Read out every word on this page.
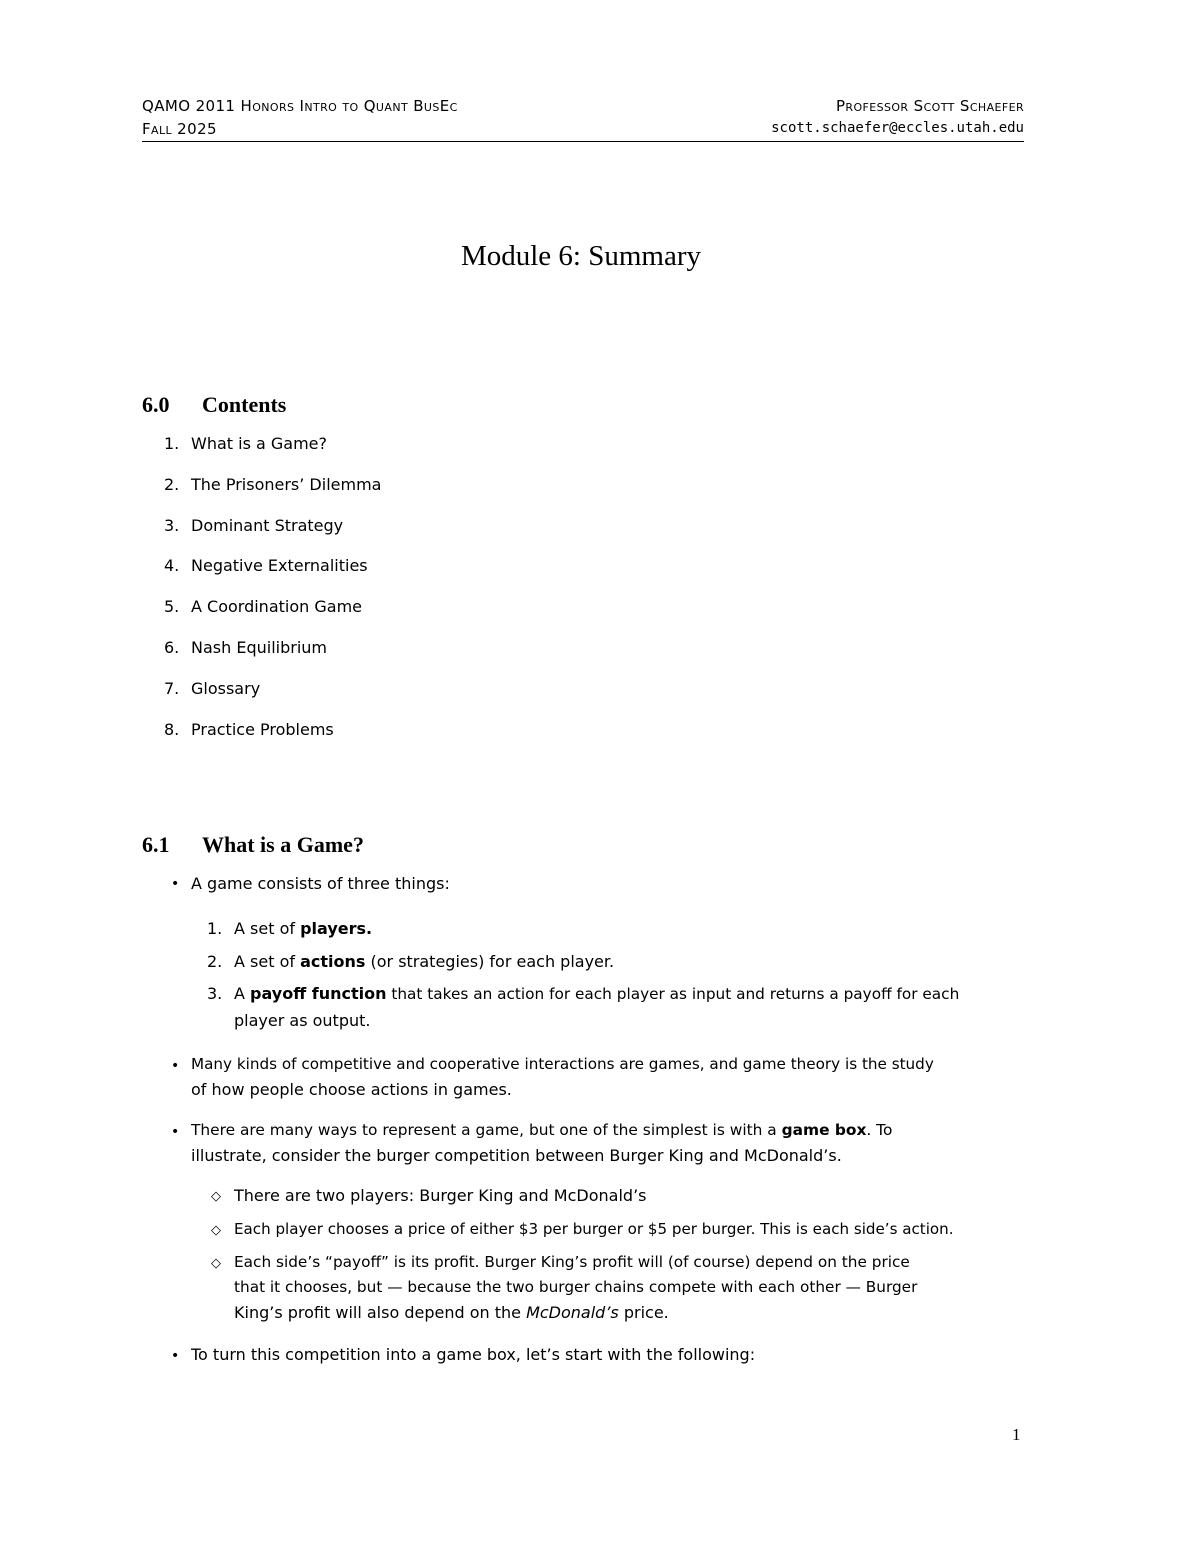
QAMO 2011 Honors Intro to Quant BusEc	Professor Scott Schaefer
Fall 2025	scott.schaefer@eccles.utah.edu
Module 6: Summary
6.0 Contents
1. What is a Game?
2. The Prisoners’ Dilemma
3. Dominant Strategy
4. Negative Externalities
5. A Coordination Game
6. Nash Equilibrium
7. Glossary
8. Practice Problems
6.1 What is a Game?
• A game consists of three things:
1. A set of players.
2. A set of actions (or strategies) for each player.
3. A payoff function that takes an action for each player as input and returns a payoff for each
player as output.
• Many kinds of competitive and cooperative interactions are games, and game theory is the study
of how people choose actions in games.
• There are many ways to represent a game, but one of the simplest is with a game box. To
illustrate, consider the burger competition between Burger King and McDonald’s.
◇ There are two players: Burger King and McDonald’s
◇ Each player chooses a price of either $3 per burger or $5 per burger. This is each side’s action.
◇ Each side’s “payoff” is its profit. Burger King’s profit will (of course) depend on the price
that it chooses, but — because the two burger chains compete with each other — Burger
King’s profit will also depend on the McDonald’s price.
• To turn this competition into a game box, let’s start with the following:
1
